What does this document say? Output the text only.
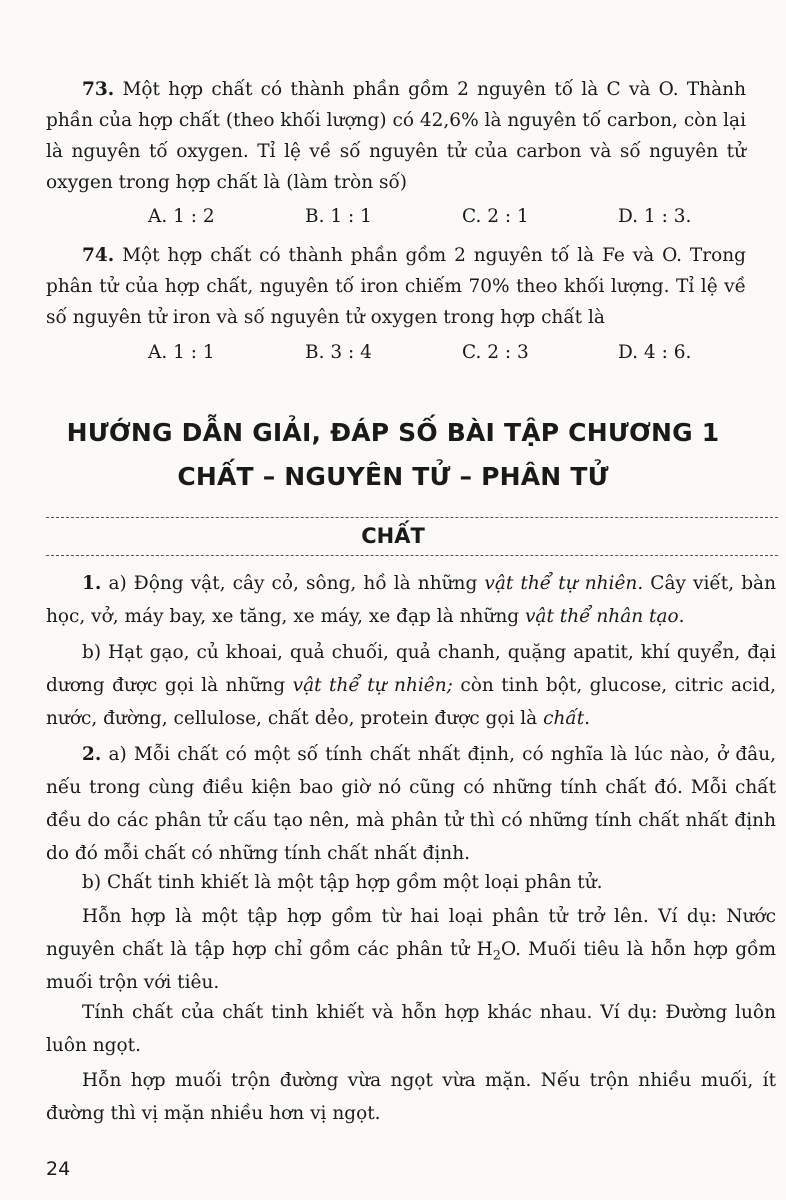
73. Một hợp chất có thành phần gồm 2 nguyên tố là C và O. Thành phần của hợp chất (theo khối lượng) có 42,6% là nguyên tố carbon, còn lại là nguyên tố oxygen. Tỉ lệ về số nguyên tử của carbon và số nguyên tử oxygen trong hợp chất là (làm tròn số)
A. 1 : 2	B. 1 : 1	C. 2 : 1	D. 1 : 3.
74. Một hợp chất có thành phần gồm 2 nguyên tố là Fe và O. Trong phân tử của hợp chất, nguyên tố iron chiếm 70% theo khối lượng. Tỉ lệ về số nguyên tử iron và số nguyên tử oxygen trong hợp chất là
A. 1 : 1	B. 3 : 4	C. 2 : 3	D. 4 : 6.
HƯỚNG DẪN GIẢI, ĐÁP SỐ BÀI TẬP CHƯƠNG 1
CHẤT – NGUYÊN TỬ – PHÂN TỬ
CHẤT
1. a) Động vật, cây cỏ, sông, hồ là những vật thể tự nhiên. Cây viết, bàn học, vở, máy bay, xe tăng, xe máy, xe đạp là những vật thể nhân tạo.
b) Hạt gạo, củ khoai, quả chuối, quả chanh, quặng apatit, khí quyển, đại dương được gọi là những vật thể tự nhiên; còn tinh bột, glucose, citric acid, nước, đường, cellulose, chất dẻo, protein được gọi là chất.
2. a) Mỗi chất có một số tính chất nhất định, có nghĩa là lúc nào, ở đâu, nếu trong cùng điều kiện bao giờ nó cũng có những tính chất đó. Mỗi chất đều do các phân tử cấu tạo nên, mà phân tử thì có những tính chất nhất định do đó mỗi chất có những tính chất nhất định.
b) Chất tinh khiết là một tập hợp gồm một loại phân tử.
Hỗn hợp là một tập hợp gồm từ hai loại phân tử trở lên. Ví dụ: Nước nguyên chất là tập hợp chỉ gồm các phân tử $H_2O$. Muối tiêu là hỗn hợp gồm muối trộn với tiêu.
Tính chất của chất tinh khiết và hỗn hợp khác nhau. Ví dụ: Đường luôn luôn ngọt.
Hỗn hợp muối trộn đường vừa ngọt vừa mặn. Nếu trộn nhiều muối, ít đường thì vị mặn nhiều hơn vị ngọt.
24
